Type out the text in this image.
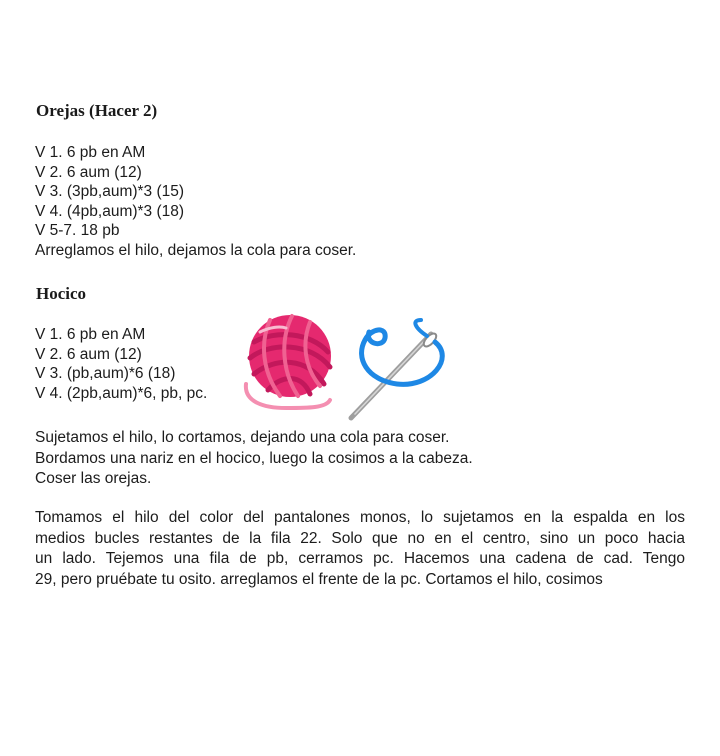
Orejas (Hacer 2)
V 1. 6 pb en AM
V 2. 6 aum (12)
V 3. (3pb,aum)*3 (15)
V 4. (4pb,aum)*3 (18)
V 5-7. 18 pb
Arreglamos el hilo, dejamos la cola para coser.
Hocico
V 1. 6 pb en AM
V 2. 6 aum (12)
V 3. (pb,aum)*6 (18)
V 4. (2pb,aum)*6, pb, pc.

Sujetamos el hilo, lo cortamos, dejando una cola para coser.
Bordamos una nariz en el hocico, luego la cosimos a la cabeza.
Coser las orejas.

Tomamos el hilo del color del pantalones monos, lo sujetamos en la espalda en los
medios bucles restantes de la fila 22. Solo que no en el centro, sino un poco hacia
un lado. Tejemos una fila de pb, cerramos pc. Hacemos una cadena de cad. Tengo
29, pero pruébate tu osito. arreglamos el frente de la pc. Cortamos el hilo, cosimos
